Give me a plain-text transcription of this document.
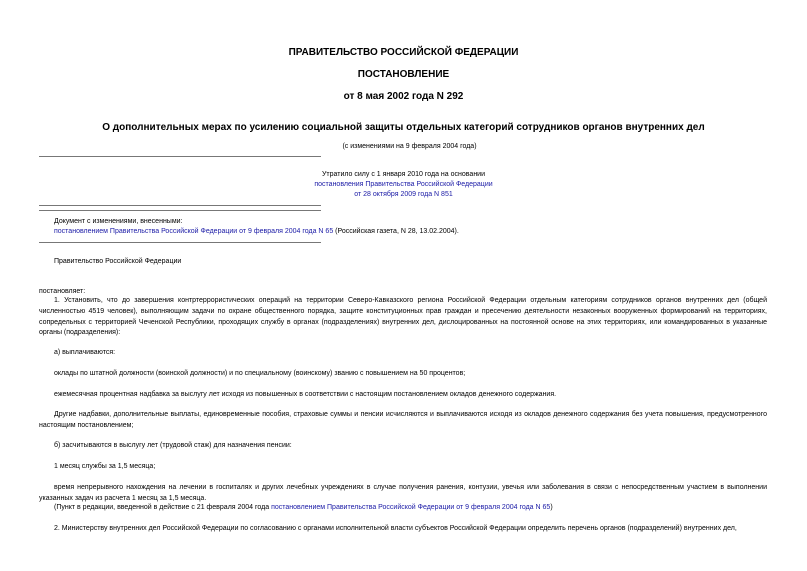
ПРАВИТЕЛЬСТВО РОССИЙСКОЙ ФЕДЕРАЦИИ
ПОСТАНОВЛЕНИЕ
от 8 мая 2002 года N 292
О дополнительных мерах по усилению социальной защиты отдельных категорий сотрудников органов внутренних дел
(с изменениями на 9 февраля 2004 года)
Утратило силу с 1 января 2010 года на основании
постановления Правительства Российской Федерации
от 28 октября 2009 года N 851
Документ с изменениями, внесенными:
постановлением Правительства Российской Федерации от 9 февраля 2004 года N 65 (Российская газета, N 28, 13.02.2004).
Правительство Российской Федерации
постановляет:
1. Установить, что до завершения контртеррористических операций на территории Северо-Кавказского региона Российской Федерации отдельным категориям сотрудников органов внутренних дел (общей численностью 4519 человек), выполняющим задачи по охране общественного порядка, защите конституционных прав граждан и пресечению деятельности незаконных вооруженных формирований на территориях, сопредельных с территорией Чеченской Республики, проходящих службу в органах (подразделениях) внутренних дел, дислоцированных на постоянной основе на этих территориях, или командированных в указанные органы (подразделения):
а) выплачиваются:
оклады по штатной должности (воинской должности) и по специальному (воинскому) званию с повышением на 50 процентов;
ежемесячная процентная надбавка за выслугу лет исходя из повышенных в соответствии с настоящим постановлением окладов денежного содержания.
Другие надбавки, дополнительные выплаты, единовременные пособия, страховые суммы и пенсии исчисляются и выплачиваются исходя из окладов денежного содержания без учета повышения, предусмотренного настоящим постановлением;
б) засчитываются в выслугу лет (трудовой стаж) для назначения пенсии:
1 месяц службы за 1,5 месяца;
время непрерывного нахождения на лечении в госпиталях и других лечебных учреждениях в случае получения ранения, контузии, увечья или заболевания в связи с непосредственным участием в выполнении указанных задач из расчета 1 месяц за 1,5 месяца.
(Пункт в редакции, введенной в действие с 21 февраля 2004 года постановлением Правительства Российской Федерации от 9 февраля 2004 года N 65)
2. Министерству внутренних дел Российской Федерации по согласованию с органами исполнительной власти субъектов Российской Федерации определить перечень органов (подразделений) внутренних дел,
